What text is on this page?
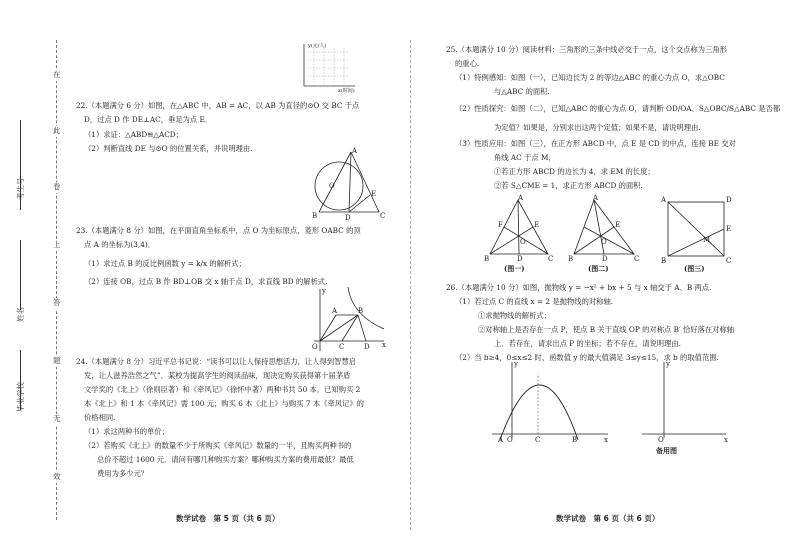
在
此
卷
上
答
题
无
效
考生号
姓名
毕业学校
y(元/人)
x(时间)
22.（本题满分 6 分）如图，在△ABC 中，AB = AC，以 AB 为直径的⊙O 交 BC 于点
D，过点 D 作 DE⊥AC，垂足为点 E．
（1）求证：△ABD≌△ACD；
（2）判断直线 DE 与⊙O 的位置关系，并说明理由.	A
O
E
B	D	C
23.（本题满分 8 分）如图，在平面直角坐标系中，点 O 为坐标原点，菱形 OABC 的顶
点 A 的坐标为(3,4)．
（1）求过点 B 的反比例函数 y = k/x 的解析式；
（2）连接 OB，过点 B 作 BD⊥OB 交 x 轴于点 D，求直线 BD 的解析式.
y
x
O
A	B
C	D
24.（本题满分 8 分）习近平总书记说：“读书可以让人保持思想活力，让人得到智慧启
发，让人滋养浩然之气”．某校为提高学生的阅读品味，现决定购买获得第十届茅盾
文学奖的《北上》（徐则臣著）和《牵风记》（徐怀中著）两种书共 50 本．已知购买 2
本《北上》和 1 本《牵风记》需 100 元；购买 6 本《北上》与购买 7 本《牵风记》的
价格相同.
（1）求这两种书的单价；
（2）若购买《北上》的数量不少于所购买《牵风记》数量的一半，且购买两种书的
总价不超过 1600 元．请问有哪几种购买方案？哪种购买方案的费用最低？最低
费用为多少元？
25.（本题满分 10 分）阅读材料：三角形的三条中线必交于一点，这个交点称为三角形
的重心.
（1）特例感知：如图（一），已知边长为 2 的等边△ABC 的重心为点 O，求△OBC
与△ABC 的面积.
（2）性质探究：如图（二），已知△ABC 的重心为点 O，请判断 OD/OA、S△OBC/S△ABC 是否都
为定值？如果是，分别求出这两个定值；如果不是，请说明理由.
（3）性质应用：如图（三），在正方形 ABCD 中，点 E 是 CD 的中点，连接 BE 交对
角线 AC 于点 M．
①若正方形 ABCD 的边长为 4，求 EM 的长度；
②若 S△CME = 1，求正方形 ABCD 的面积.
A
F	E
O
B	D	C
(图一)
A
E
O
B	D	C
(图二)
A	D
E
M
B	C
(图三)
26.（本题满分 10 分）如图，抛物线 y = −x² + bx + 5 与 x 轴交于 A、B 两点.
（1）若过点 C 的直线 x = 2 是抛物线的对称轴.
①求抛物线的解析式；
②对称轴上是否存在一点 P，使点 B 关于直线 OP 的对称点 B′ 恰好落在对称轴
上．若存在，请求出点 P 的坐标；若不存在，请说明理由.
（2）当 b≥4，0≤x≤2 时，函数值 y 的最大值满足 3≤y≤15，求 b 的取值范围.
y
x
A O	C	B
y
x
O
备用图
数学试卷　第 5 页（共 6 页）	数学试卷　第 6 页（共 6 页）
